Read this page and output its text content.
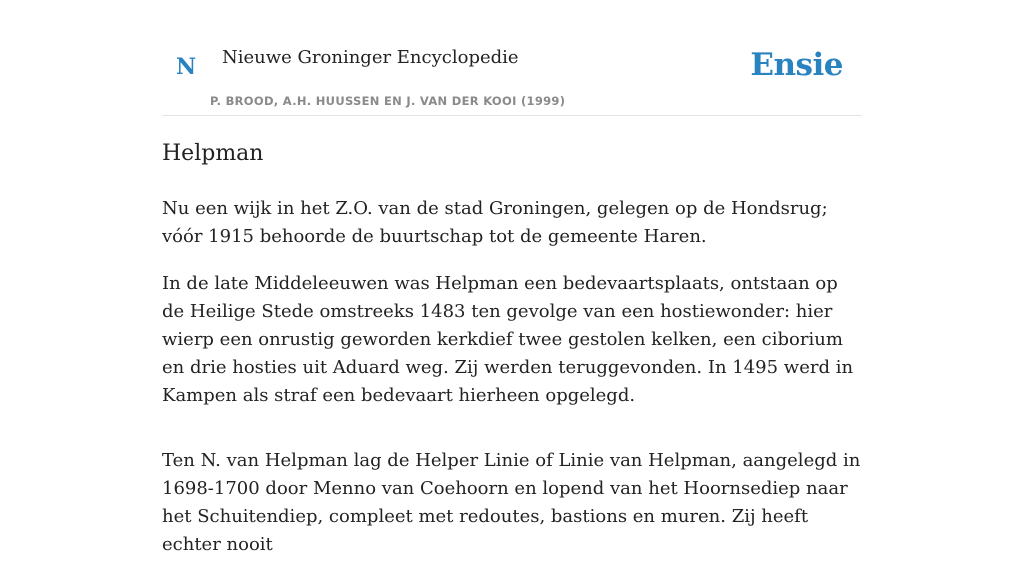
N Nieuwe Groninger Encyclopedie
P. BROOD, A.H. HUUSSEN EN J. VAN DER KOOI (1999)
Ensie
Helpman

Nu een wijk in het Z.O. van de stad Groningen, gelegen op de Hondsrug; vóór 1915 behoorde de buurtschap tot de gemeente Haren.

In de late Middeleeuwen was Helpman een bedevaartsplaats, ontstaan op de Heilige Stede omstreeks 1483 ten gevolge van een hostiewonder: hier wierp een onrustig geworden kerkdief twee gestolen kelken, een ciborium en drie hosties uit Aduard weg. Zij werden teruggevonden. In 1495 werd in Kampen als straf een bedevaart hierheen opgelegd.

Ten N. van Helpman lag de Helper Linie of Linie van Helpman, aangelegd in 1698-1700 door Menno van Coehoorn en lopend van het Hoornsediep naar het Schuitendiep, compleet met redoutes, bastions en muren. Zij heeft echter nooit
